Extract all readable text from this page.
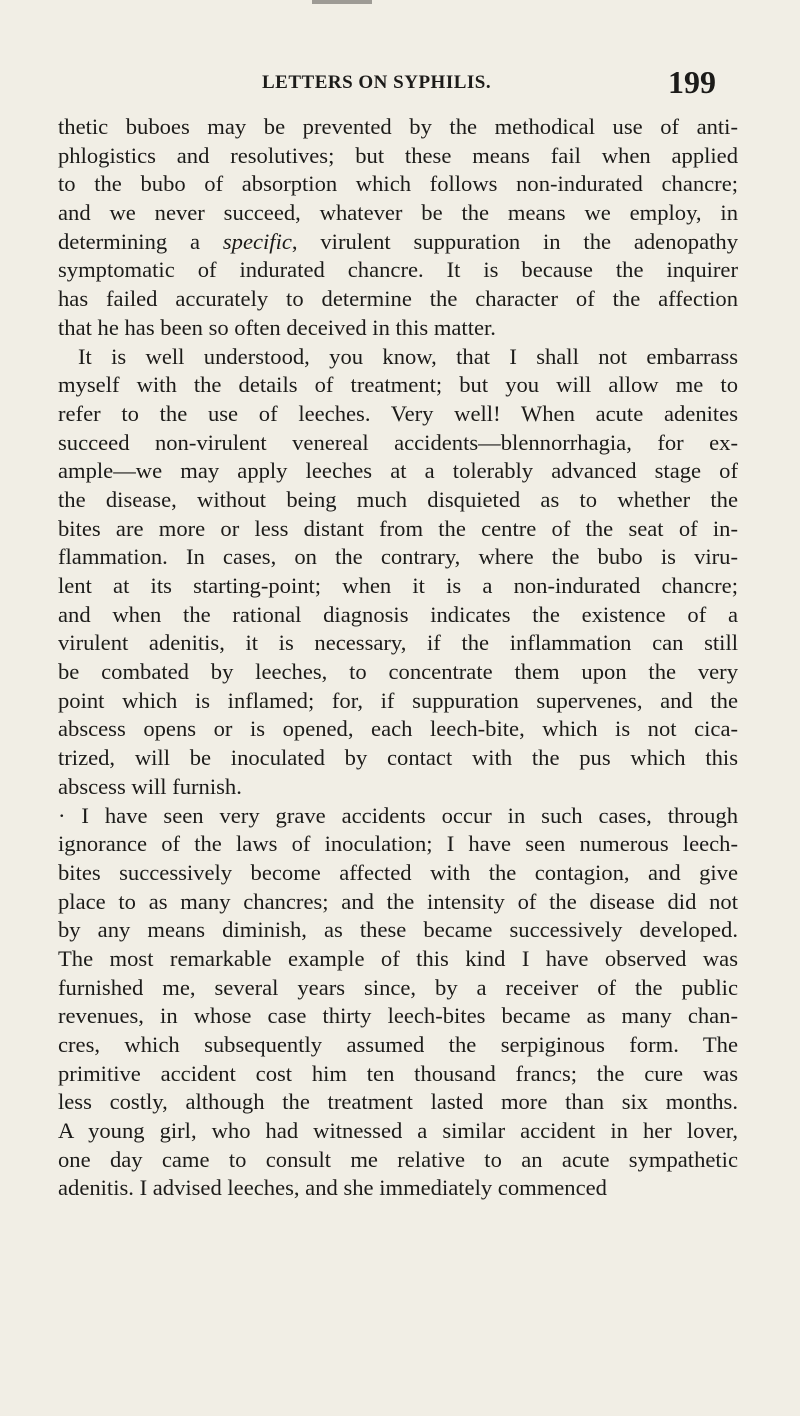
LETTERS ON SYPHILIS.	199
thetic buboes may be prevented by the methodical use of anti-
phlogistics and resolutives; but these means fail when applied
to the bubo of absorption which follows non-indurated chancre;
and we never succeed, whatever be the means we employ, in
determining a specific, virulent suppuration in the adenopathy
symptomatic of indurated chancre. It is because the inquirer
has failed accurately to determine the character of the affection
that he has been so often deceived in this matter.
It is well understood, you know, that I shall not embarrass
myself with the details of treatment; but you will allow me to
refer to the use of leeches. Very well! When acute adenites
succeed non-virulent venereal accidents—blennorrhagia, for ex-
ample—we may apply leeches at a tolerably advanced stage of
the disease, without being much disquieted as to whether the
bites are more or less distant from the centre of the seat of in-
flammation. In cases, on the contrary, where the bubo is viru-
lent at its starting-point; when it is a non-indurated chancre;
and when the rational diagnosis indicates the existence of a
virulent adenitis, it is necessary, if the inflammation can still
be combated by leeches, to concentrate them upon the very
point which is inflamed; for, if suppuration supervenes, and the
abscess opens or is opened, each leech-bite, which is not cica-
trized, will be inoculated by contact with the pus which this
abscess will furnish.
· I have seen very grave accidents occur in such cases, through
ignorance of the laws of inoculation; I have seen numerous leech-
bites successively become affected with the contagion, and give
place to as many chancres; and the intensity of the disease did not
by any means diminish, as these became successively developed.
The most remarkable example of this kind I have observed was
furnished me, several years since, by a receiver of the public
revenues, in whose case thirty leech-bites became as many chan-
cres, which subsequently assumed the serpiginous form. The
primitive accident cost him ten thousand francs; the cure was
less costly, although the treatment lasted more than six months.
A young girl, who had witnessed a similar accident in her lover,
one day came to consult me relative to an acute sympathetic
adenitis. I advised leeches, and she immediately commenced
